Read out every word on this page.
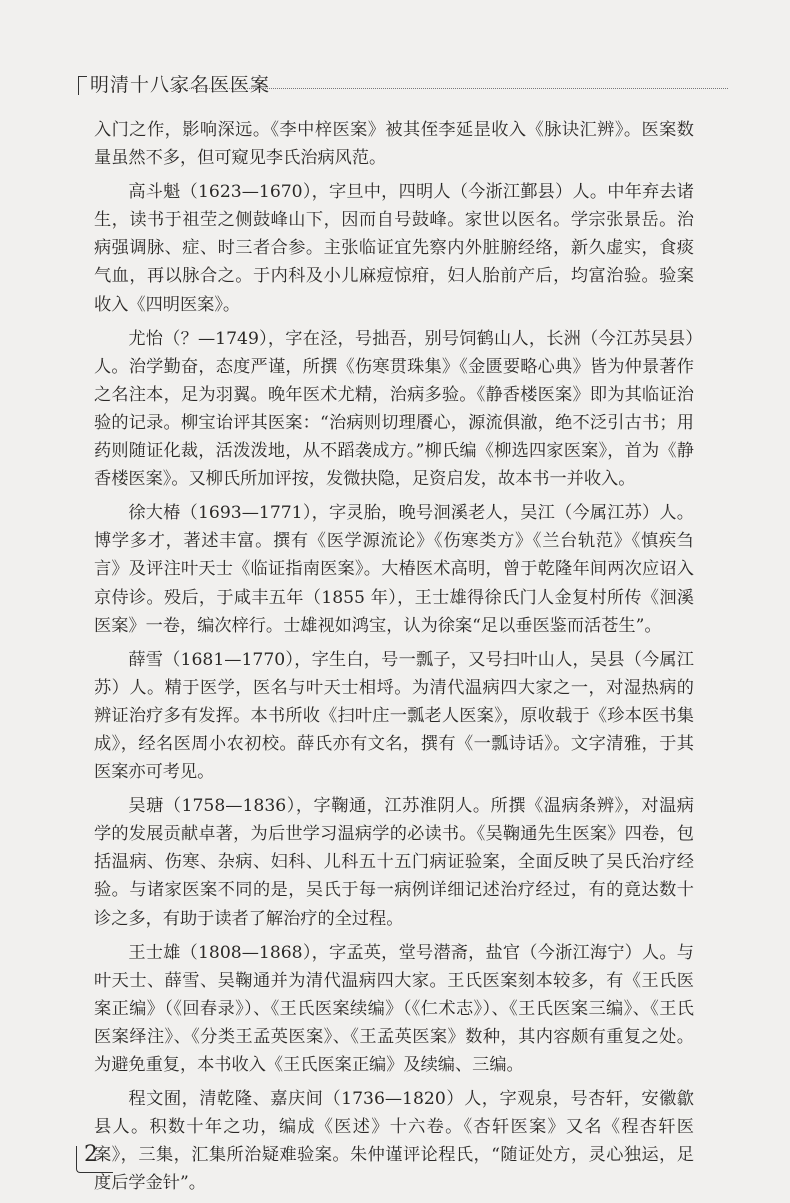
明清十八家名医医案

入门之作，影响深远。《李中梓医案》被其侄李延昰收入《脉诀汇辨》。医案数量虽然不多，但可窥见李氏治病风范。

高斗魁（1623—1670），字旦中，四明人（今浙江鄞县）人。中年弃去诸生，读书于祖茔之侧鼓峰山下，因而自号鼓峰。家世以医名。学宗张景岳。治病强调脉、症、时三者合参。主张临证宜先察内外脏腑经络，新久虚实，食痰气血，再以脉合之。于内科及小儿麻痘惊疳，妇人胎前产后，均富治验。验案收入《四明医案》。

尤怡（？—1749），字在泾，号拙吾，别号饲鹤山人，长洲（今江苏吴县）人。治学勤奋，态度严谨，所撰《伤寒贯珠集》《金匮要略心典》皆为仲景著作之名注本，足为羽翼。晚年医术尤精，治病多验。《静香楼医案》即为其临证治验的记录。柳宝诒评其医案：“治病则切理餍心，源流俱澈，绝不泛引古书；用药则随证化裁，活泼泼地，从不蹈袭成方。”柳氏编《柳选四家医案》，首为《静香楼医案》。又柳氏所加评按，发微抉隐，足资启发，故本书一并收入。

徐大椿（1693—1771），字灵胎，晚号洄溪老人，吴江（今属江苏）人。博学多才，著述丰富。撰有《医学源流论》《伤寒类方》《兰台轨范》《慎疾刍言》及评注叶天士《临证指南医案》。大椿医术高明，曾于乾隆年间两次应诏入京侍诊。殁后，于咸丰五年（1855 年），王士雄得徐氏门人金复村所传《洄溪医案》一卷，编次梓行。士雄视如鸿宝，认为徐案“足以垂医鉴而活苍生”。

薛雪（1681—1770），字生白，号一瓢子，又号扫叶山人，吴县（今属江苏）人。精于医学，医名与叶天士相埒。为清代温病四大家之一，对湿热病的辨证治疗多有发挥。本书所收《扫叶庄一瓢老人医案》，原收载于《珍本医书集成》，经名医周小农初校。薛氏亦有文名，撰有《一瓢诗话》。文字清雅，于其医案亦可考见。

吴瑭（1758—1836），字鞠通，江苏淮阴人。所撰《温病条辨》，对温病学的发展贡献卓著，为后世学习温病学的必读书。《吴鞠通先生医案》四卷，包括温病、伤寒、杂病、妇科、儿科五十五门病证验案，全面反映了吴氏治疗经验。与诸家医案不同的是，吴氏于每一病例详细记述治疗经过，有的竟达数十诊之多，有助于读者了解治疗的全过程。

王士雄（1808—1868），字孟英，堂号潜斋，盐官（今浙江海宁）人。与叶天士、薛雪、吴鞠通并为清代温病四大家。王氏医案刻本较多，有《王氏医案正编》（《回春录》）、《王氏医案续编》（《仁术志》）、《王氏医案三编》、《王氏医案绎注》、《分类王孟英医案》、《王孟英医案》数种，其内容颇有重复之处。为避免重复，本书收入《王氏医案正编》及续编、三编。

程文囿，清乾隆、嘉庆间（1736—1820）人，字观泉，号杏轩，安徽歙县人。积数十年之功，编成《医述》十六卷。《杏轩医案》又名《程杏轩医案》，三集，汇集所治疑难验案。朱仲谨评论程氏，“随证处方，灵心独运，足度后学金针”。

2
